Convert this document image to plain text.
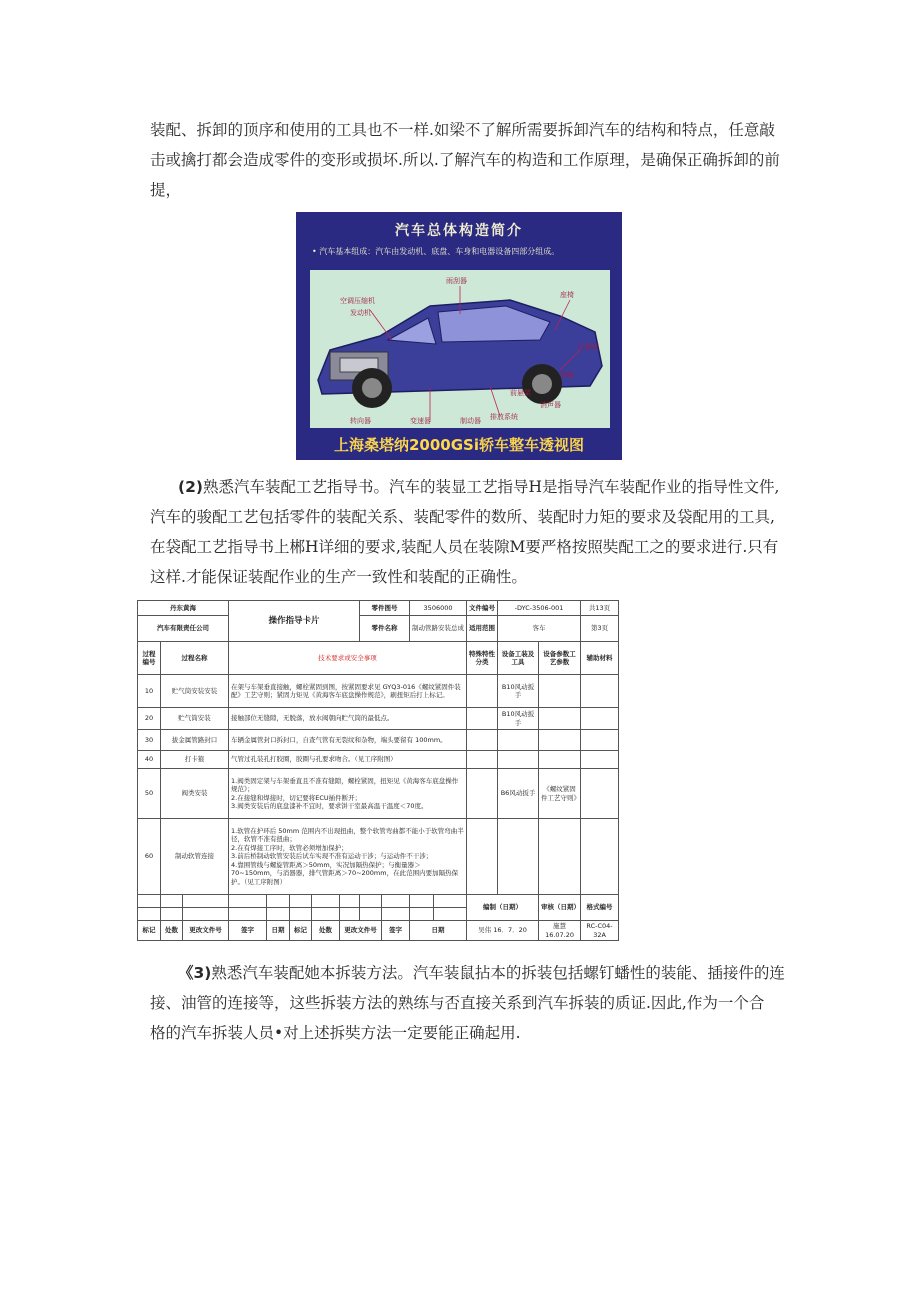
装配、拆卸的顶序和使用的工具也不一样.如梁不了解所需要拆卸汽车的结构和特点，任意敲
击或擒打都会造成零件的变形或损坏.所以.了解汽车的构造和工作原理，是确保正确拆卸的前
提，

汽车总体构造简介
• 汽车基本组成：汽车由发动机、底盘、车身和电器设备四部分组成。
空调压缩机
发动机
雨刮器
座椅
后悬架
消声器
排放系统
转向器
前悬架
变速器	制动器
油箱
上海桑塔纳2000GSi轿车整车透视图

(2)熟悉汽车装配工艺指导书。汽车的装显工艺指导H是指导汽车装配作业的指导性文件,
汽车的骏配工艺包括零件的装配关系、装配零件的数所、装配时力矩的要求及袋配用的工具,
在袋配工艺指导书上郴H详细的要求,装配人员在装隙M要严格按照奘配工之的要求进行.只有
这样.才能保证装配作业的生产一致性和装配的正确性。

丹东黄海			操作指导卡片					零件图号		3506000		文件编号	-DYC-3506-001		共13页
汽车有限责任公司								零件名称		制动管路安装总成		适用范围	客车		第3页
过程编号	过程名称		技术要求或安全事项									特殊特性分类	设备工装及工具	设备参数工艺参数	辅助材料
10	贮气筒安装安装		在架与车架垂直接触，螺栓紧固到图，按紧固要求见 GYQ3-016《螺纹紧固件装配》工艺守则；紧固力矩见《黄海客车底盘操作规范》，刷扭矩后打上标记。										B10风动扳手		
20	贮气筒安装		接触部位无缝隙，无脱落，放水阀朝向贮气筒的最低点。										B10风动扳手		
30	拔金属管路封口		车辆金属管封口拆封口，自查气管有无裂纹和杂物，端头要留有 100mm。												
40	打卡箍		气管过孔装孔打胶圈，胶圈与孔要求吻合。（见工序附图）												
50	阀类安装		1.阀类固定架与车架垂直且不准有缝隙，螺栓紧固，扭矩见《黄海客车底盘操作规范》；
2.在接缝和焊接时，切记要将ECU插件断开；
3.阀类安装后的底盘漆补不宜时，要求饼干室最高温干温度＜70度。										B6风动扳手	《螺纹紧固件工艺守则》	
60	制动软管连接		1.软管在护环后 50mm 范围内不出现扭曲，整个软管弯曲都不能小于软管弯曲半径，软管不准有扭曲；
2.在有焊接工序时，软管必须增加保护；
3.前后桥制动软管安装后试车实现不准有运动干涉；与运动件不干涉；
4.靠围管线与螺旋管距离＞50mm，实况加隔热保护；与衡量器＞70~150mm，与消器器，排气管距离＞70~200mm，在此范围内要加隔热保护。（见工序附图）												
												编制（日期）		审核（日期）	格式编号

标记	处数	更改文件号	签字	日期	标记	处数	更改文件号		签字	日期		吴伟 16．7．20		施慧 16.07.20	RC-C04-32A

《3)熟悉汽车装配她本拆装方法。汽车装鼠拈本的拆装包括螺钉蟠性的装能、插接件的连
接、油管的连接等，这些拆装方法的熟练与否直接关系到汽车拆装的质证.因此,作为一个合
格的汽车拆装人员•对上述拆奘方法一定要能正确起用.
